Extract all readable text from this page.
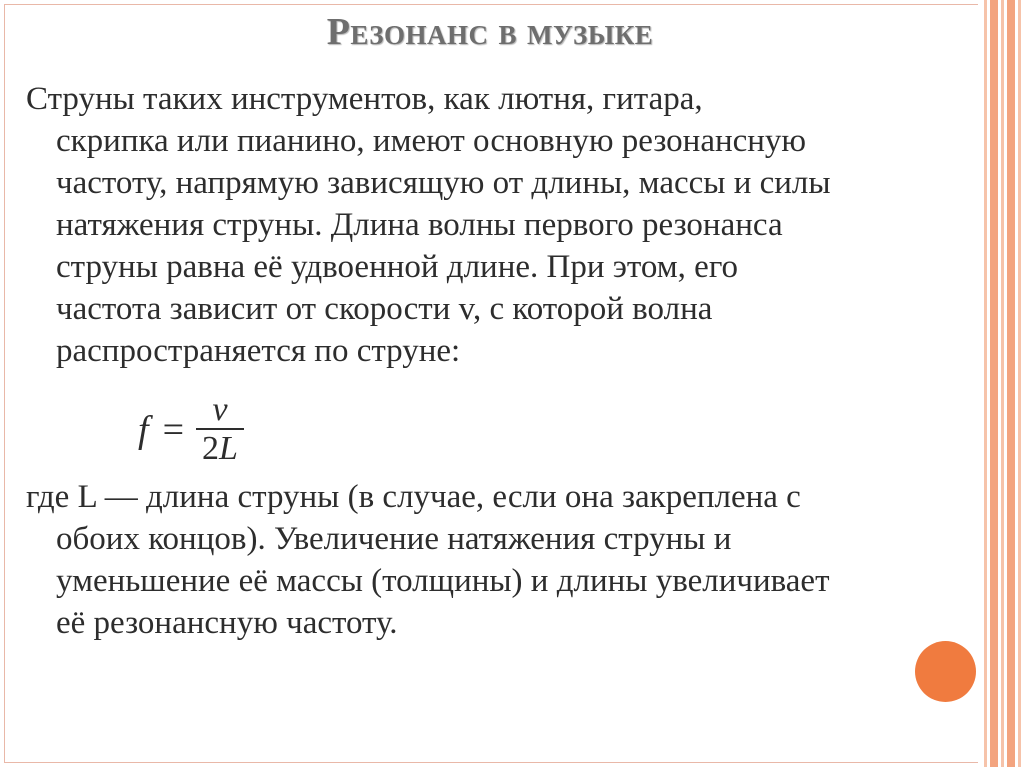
Резонанс в музыке
Струны таких инструментов, как лютня, гитара,
скрипка или пианино, имеют основную резонансную
частоту, напрямую зависящую от длины, массы и силы
натяжения струны. Длина волны первого резонанса
струны равна её удвоенной длине. При этом, его
частота зависит от скорости v, с которой волна
распространяется по струне:
$f = \frac{v}{2L}$
где L — длина струны (в случае, если она закреплена с
обоих концов). Увеличение натяжения струны и
уменьшение её массы (толщины) и длины увеличивает
её резонансную частоту.
